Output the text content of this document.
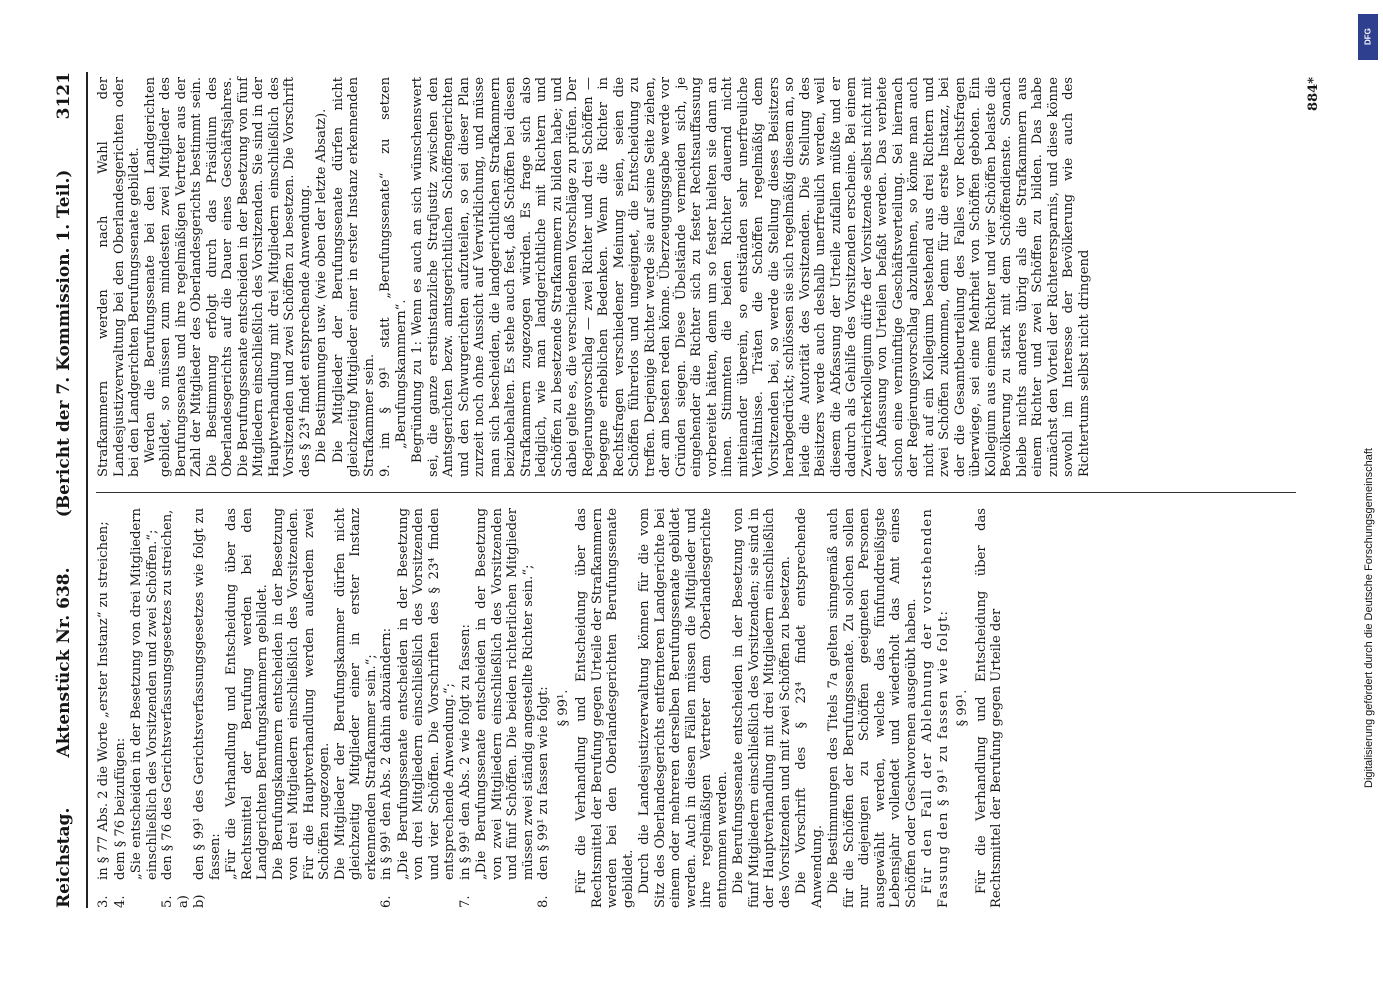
Reichstag.
Aktenstück Nr. 638.
(Bericht der 7. Kommission. 1. Teil.)
3121
3.
in § 77 Abs. 2 die Worte „erster Instanz“ zu streichen;
4.
dem § 76 beizufügen: „Sie entscheiden in der Besetzung von drei Mitgliedern einschließlich des Vorsitzenden und zwei Schöffen.“;
5. a)
den § 76 des Gerichtsverfassungsgesetzes zu streichen,
b)
den § 99¹ des Gerichtsverfassungsgesetzes wie folgt zu fassen: „Für die Verhandlung und Entscheidung über das Rechtsmittel der Berufung werden bei den Landgerichten Berufungskammern gebildet. Die Berufungskammern entscheiden in der Besetzung von drei Mitgliedern einschließlich des Vorsitzenden. Für die Hauptverhandlung werden außerdem zwei Schöffen zugezogen. Die Mitglieder der Berufungskammer dürfen nicht gleichzeitig Mitglieder einer in erster Instanz erkennenden Strafkammer sein.“;
6.
in § 99¹ den Abs. 2 dahin abzuändern: „Die Berufungssenate entscheiden in der Besetzung von drei Mitgliedern einschließlich des Vorsitzenden und vier Schöffen. Die Vorschriften des § 23⁴ finden entsprechende Anwendung.“;
7.
in § 99¹ den Abs. 2 wie folgt zu fassen: „Die Berufungssenate entscheiden in der Besetzung von zwei Mitgliedern einschließlich des Vorsitzenden und fünf Schöffen. Die beiden richterlichen Mitglieder müssen zwei ständig angestellte Richter sein.“;
8.
den § 99¹ zu fassen wie folgt: § 99¹. Für die Verhandlung und Entscheidung über das Rechtsmittel der Berufung gegen Urteile der Strafkammern werden bei den Oberlandesgerichten Berufungssenate gebildet. Durch die Landesjustizverwaltung können für die vom Sitz des Oberlandesgerichts entfernteren Landgerichte bei einem oder mehreren derselben Berufungssenate gebildet werden. Auch in diesen Fällen müssen die Mitglieder und ihre regelmäßigen Vertreter dem Oberlandesgerichte entnommen werden. Die Berufungssenate entscheiden in der Besetzung von fünf Mitgliedern einschließlich des Vorsitzenden; sie sind in der Hauptverhandlung mit drei Mitgliedern einschließlich des Vorsitzenden und mit zwei Schöffen zu besetzen. Die Vorschrift des § 23⁴ findet entsprechende Anwendung. Die Bestimmungen des Titels 7a gelten sinngemäß auch für die Schöffen der Berufungssenate. Zu solchen sollen nur diejenigen zu Schöffen geeigneten Personen ausgewählt werden, welche das fünfunddreißigste Lebensjahr vollendet und wiederholt das Amt eines Schöffen oder Geschworenen ausgeübt haben. Für den Fall der Ablehnung der vorstehenden Fassung den § 99¹ zu fassen wie folgt: § 99¹. Für die Verhandlung und Entscheidung über das Rechtsmittel der Berufung gegen Urteile der
Strafkammern werden nach Wahl der Landesjustizverwaltung bei den Oberlandesgerichten oder bei den Landgerichten Berufungssenate gebildet. Werden die Berufungssenate bei den Landgerichten gebildet, so müssen zum mindesten zwei Mitglieder des Berufungssenats und ihre regelmäßigen Vertreter aus der Zahl der Mitglieder des Oberlandesgerichts bestimmt sein. Die Bestimmung erfolgt durch das Präsidium des Oberlandesgerichts auf die Dauer eines Geschäftsjahres. Die Berufungssenate entscheiden in der Besetzung von fünf Mitgliedern einschließlich des Vorsitzenden. Sie sind in der Hauptverhandlung mit drei Mitgliedern einschließlich des Vorsitzenden und zwei Schöffen zu besetzen. Die Vorschrift des § 23⁴ findet entsprechende Anwendung. Die Bestimmungen usw. (wie oben der letzte Absatz). Die Mitglieder der Berufungssenate dürfen nicht gleichzeitig Mitglieder einer in erster Instanz erkennenden Strafkammer sein. 9.
im § 99¹ statt „Berufungssenate“ zu setzen „Berufungskammern“. Begründung zu 1: Wenn es auch an sich wünschenswert sei, die ganze erstinstanzliche Strafjustiz zwischen den Amtsgerichten bezw. amtsgerichtlichen Schöffengerichten und den Schwurgerichten aufzuteilen, so sei dieser Plan zurzeit noch ohne Aussicht auf Verwirklichung, und müsse man sich bescheiden, die landgerichtlichen Strafkammern beizubehalten. Es stehe auch fest, daß Schöffen bei diesen Strafkammern zugezogen würden. Es frage sich also lediglich, wie man landgerichtliche mit Richtern und Schöffen zu besetzende Strafkammern zu bilden habe; und dabei gelte es, die verschiedenen Vorschläge zu prüfen. Der Regierungsvorschlag — zwei Richter und drei Schöffen — begegne erheblichen Bedenken. Wenn die Richter in Rechtsfragen verschiedener Meinung seien, seien die Schöffen führerlos und ungeeignet, die Entscheidung zu treffen. Derjenige Richter werde sie auf seine Seite ziehen, der am besten reden könne. Überzeugungsgabe werde vor Gründen siegen. Diese Übelstände vermeiden sich, je eingehender die Richter sich zu fester Rechtsauffassung vorbereitet hätten, denn um so fester hielten sie dann an ihnen. Stimmten die beiden Richter dauernd nicht miteinander überein, so entständen sehr unerfreuliche Verhältnisse. Träten die Schöffen regelmäßig dem Vorsitzenden bei, so werde die Stellung dieses Beisitzers herabgedrückt; schlössen sie sich regelmäßig diesem an, so leide die Autorität des Vorsitzenden. Die Stellung des Beisitzers werde auch deshalb unerfreulich werden, weil diesem die Abfassung der Urteile zufallen müßte und er dadurch als Gehilfe des Vorsitzenden erscheine. Bei einem Zweirichterkollegium dürfe der Vorsitzende selbst nicht mit der Abfassung von Urteilen befaßt werden. Das verbiete schon eine vernünftige Geschäftsverteilung. Sei hiernach der Regierungsvorschlag abzulehnen, so könne man auch nicht auf ein Kollegium bestehend aus drei Richtern und zwei Schöffen zukommen, denn für die erste Instanz, bei der die Gesamtbeurteilung des Falles vor Rechtsfragen überwiege, sei eine Mehrheit von Schöffen geboten. Ein Kollegium aus einem Richter und vier Schöffen belaste die Bevölkerung zu stark mit dem Schöffendienste. Sonach bleibe nichts anderes übrig als die Strafkammern aus einem Richter und zwei Schöffen zu bilden. Das habe zunächst den Vorteil der Richterersparnis, und diese könne sowohl im Interesse der Bevölkerung wie auch des Richtertums selbst nicht dringend
884*
DFG
Digitalisierung gefördert durch die Deutsche Forschungsgemeinschaft
